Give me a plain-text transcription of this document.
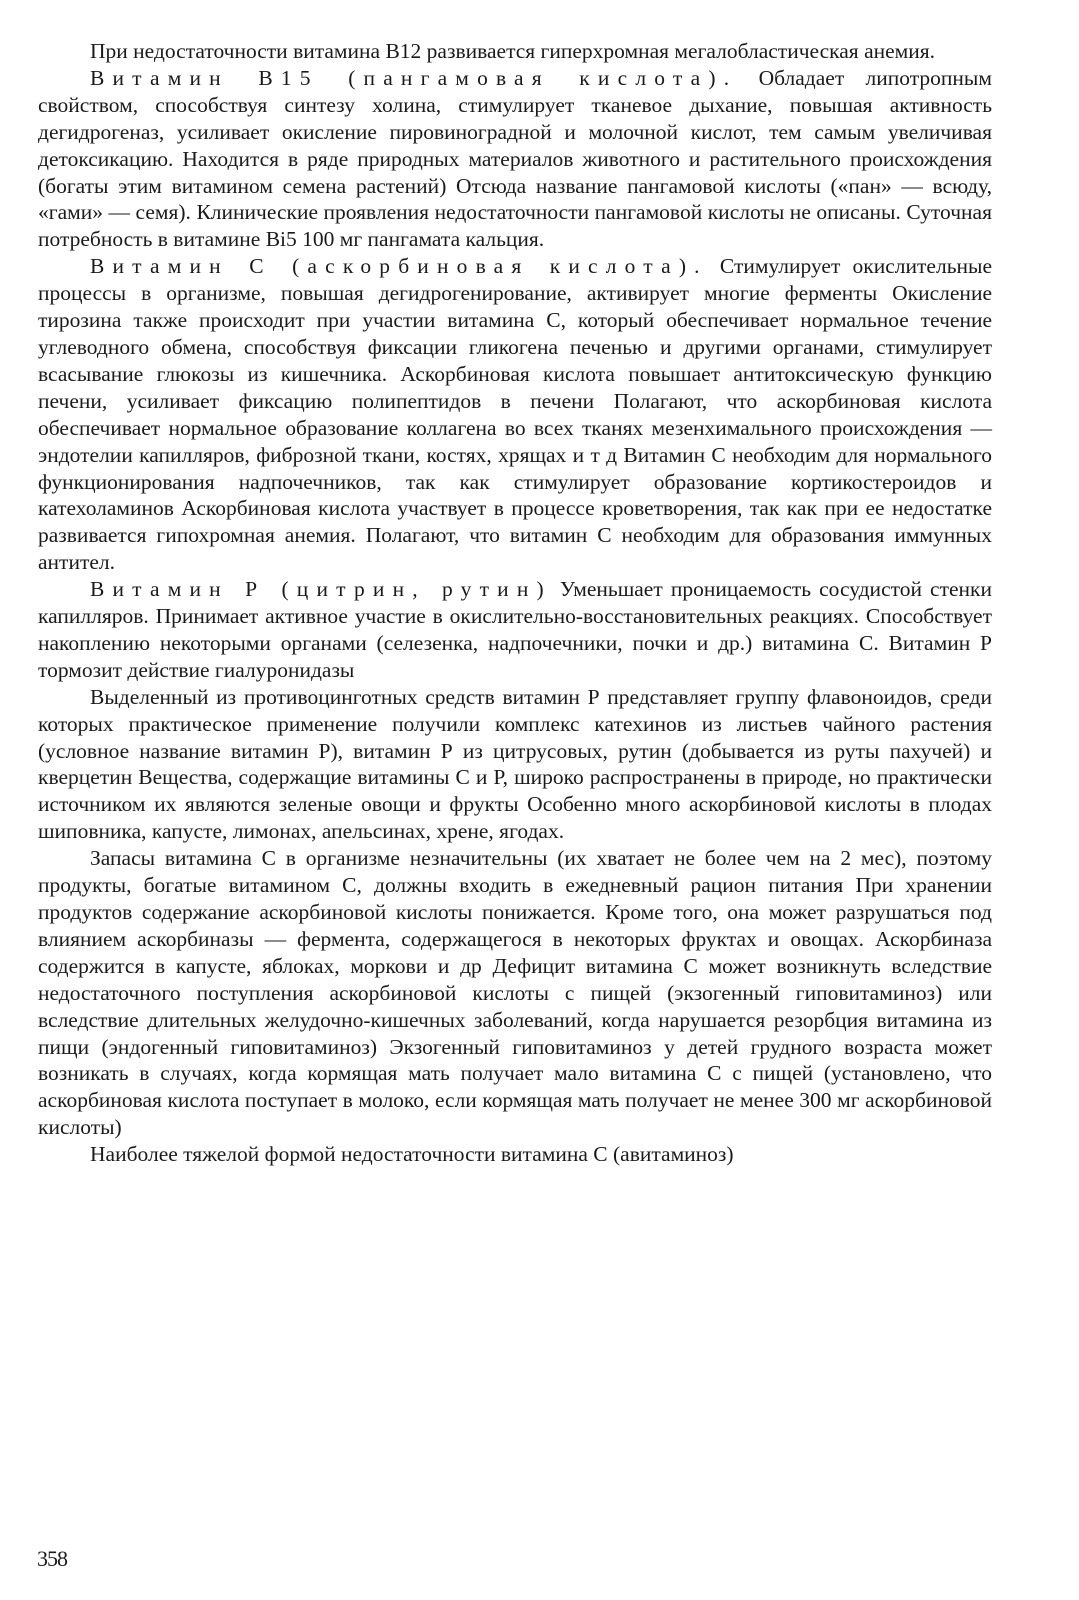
При недостаточности витамина В12 развивается гиперхромная мегалобластическая анемия.

Витамин B15 (пангамовая кислота). Обладает липотропным свойством, способствуя синтезу холина, стимулирует тканевое дыхание, повышая активность дегидрогеназ, усиливает окисление пировиноградной и молочной кислот, тем самым увеличивая детоксикацию. Находится в ряде природных материалов животного и растительного происхождения (богаты этим витамином семена растений) Отсюда название пангамовой кислоты («пан» — всюду, «гами» — семя). Клинические проявления недостаточности пангамовой кислоты не описаны. Суточная потребность в витамине Bi5 100 мг пангамата кальция.

Витамин С (аскорбиновая кислота). Стимулирует окислительные процессы в организме, повышая дегидрогенирование, активирует многие ферменты Окисление тирозина также происходит при участии витамина С, который обеспечивает нормальное течение углеводного обмена, способствуя фиксации гликогена печенью и другими органами, стимулирует всасывание глюкозы из кишечника. Аскорбиновая кислота повышает антитоксическую функцию печени, усиливает фиксацию полипептидов в печени Полагают, что аскорбиновая кислота обеспечивает нормальное образование коллагена во всех тканях мезенхимального происхождения — эндотелии капилляров, фиброзной ткани, костях, хрящах и т д Витамин С необходим для нормального функционирования надпочечников, так как стимулирует образование кортикостероидов и катехоламинов Аскорбиновая кислота участвует в процессе кроветворения, так как при ее недостатке развивается гипохромная анемия. Полагают, что витамин С необходим для образования иммунных антител.

Витамин Р (цитрин, рутин) Уменьшает проницаемость сосудистой стенки капилляров. Принимает активное участие в окислительно-восстановительных реакциях. Способствует накоплению некоторыми органами (селезенка, надпочечники, почки и др.) витамина С. Витамин Р тормозит действие гиалуронидазы

Выделенный из противоцинготных средств витамин Р представляет группу флавоноидов, среди которых практическое применение получили комплекс катехинов из листьев чайного растения (условное название витамин Р), витамин Р из цитрусовых, рутин (добывается из руты пахучей) и кверцетин Вещества, содержащие витамины С и Р, широко распространены в природе, но практически источником их являются зеленые овощи и фрукты Особенно много аскорбиновой кислоты в плодах шиповника, капусте, лимонах, апельсинах, хрене, ягодах.

Запасы витамина С в организме незначительны (их хватает не более чем на 2 мес), поэтому продукты, богатые витамином С, должны входить в ежедневный рацион питания При хранении продуктов содержание аскорбиновой кислоты понижается. Кроме того, она может разрушаться под влиянием аскорбиназы — фермента, содержащегося в некоторых фруктах и овощах. Аскорбиназа содержится в капусте, яблоках, моркови и др Дефицит витамина С может возникнуть вследствие недостаточного поступления аскорбиновой кислоты с пищей (экзогенный гиповитаминоз) или вследствие длительных желудочно-кишечных заболеваний, когда нарушается резорбция витамина из пищи (эндогенный гиповитаминоз) Экзогенный гиповитаминоз у детей грудного возраста может возникать в случаях, когда кормящая мать получает мало витамина С с пищей (установлено, что аскорбиновая кислота поступает в молоко, если кормящая мать получает не менее 300 мг аскорбиновой кислоты)

Наиболее тяжелой формой недостаточности витамина С (авитаминоз)

358
